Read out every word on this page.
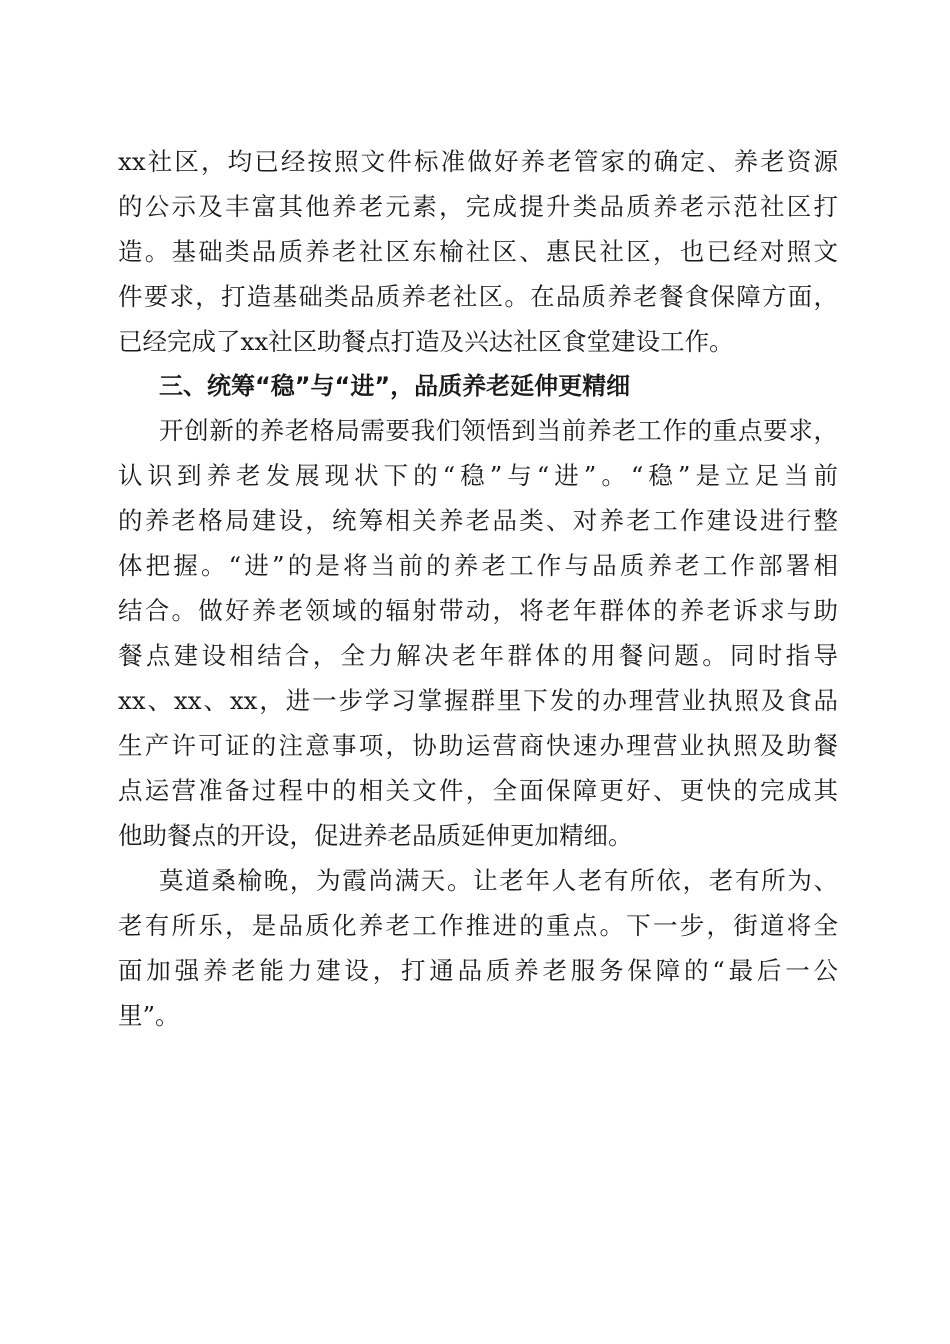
xx社区，均已经按照文件标准做好养老管家的确定、养老资源

的公示及丰富其他养老元素，完成提升类品质养老示范社区打

造。基础类品质养老社区东榆社区、惠民社区，也已经对照文

件要求，打造基础类品质养老社区。在品质养老餐食保障方面，

已经完成了xx社区助餐点打造及兴达社区食堂建设工作。

三、统筹“稳”与“进”，品质养老延伸更精细

开创新的养老格局需要我们领悟到当前养老工作的重点要求，

认识到养老发展现状下的“稳”与“进”。“稳”是立足当前

的养老格局建设，统筹相关养老品类、对养老工作建设进行整

体把握。“进”的是将当前的养老工作与品质养老工作部署相

结合。做好养老领域的辐射带动，将老年群体的养老诉求与助

餐点建设相结合，全力解决老年群体的用餐问题。同时指导

xx、xx、xx，进一步学习掌握群里下发的办理营业执照及食品

生产许可证的注意事项，协助运营商快速办理营业执照及助餐

点运营准备过程中的相关文件，全面保障更好、更快的完成其

他助餐点的开设，促进养老品质延伸更加精细。

莫道桑榆晚，为霞尚满天。让老年人老有所依，老有所为、

老有所乐，是品质化养老工作推进的重点。下一步，街道将全

面加强养老能力建设，打通品质养老服务保障的“最后一公

里”。
